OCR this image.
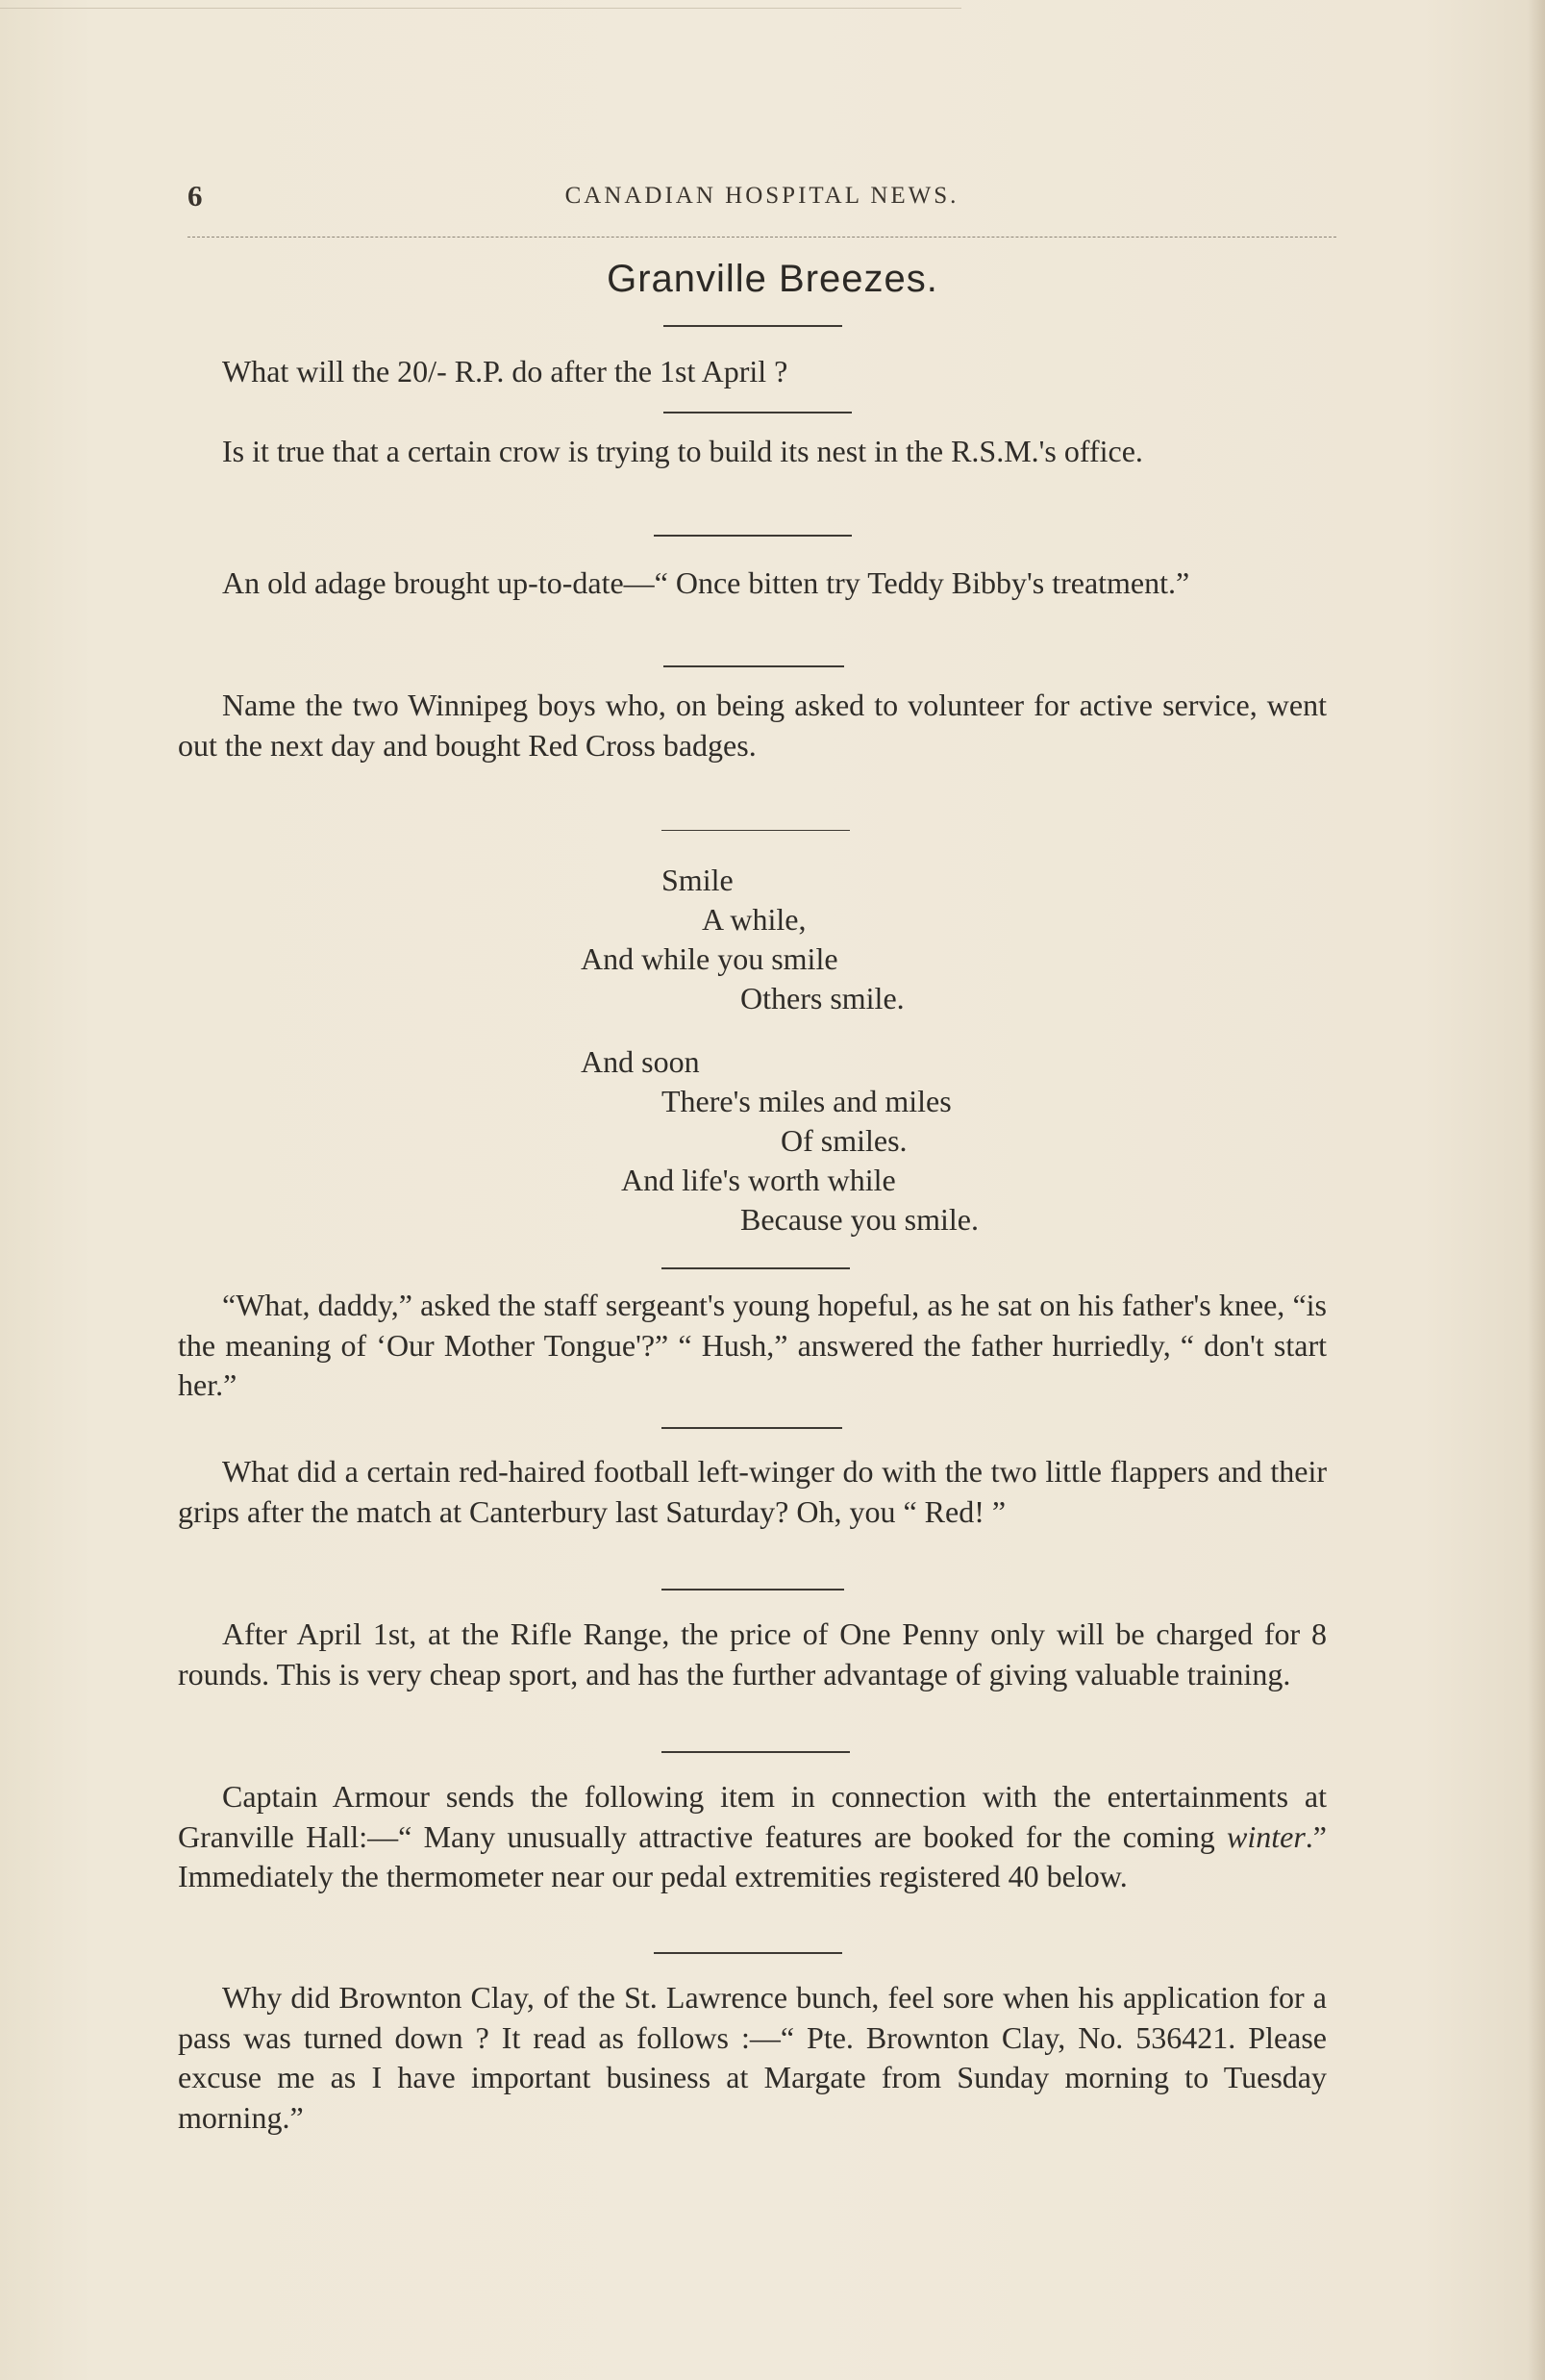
6	CANADIAN HOSPITAL NEWS.
Granville Breezes.
What will the 20/- R.P. do after the 1st April ?
Is it true that a certain crow is trying to build its nest in the R.S.M.'s office.
An old adage brought up-to-date—“ Once bitten try Teddy Bibby's treatment.”
Name the two Winnipeg boys who, on being asked to volunteer for active service, went out the next day and bought Red Cross badges.
Smile
A while,
And while you smile
Others smile.
And soon
There's miles and miles
Of smiles.
And life's worth while
Because you smile.
“What, daddy,” asked the staff sergeant's young hopeful, as he sat on his father's knee, “is the meaning of ‘Our Mother Tongue'?” “ Hush,” answered the father hurriedly, “ don't start her.”
What did a certain red-haired football left-winger do with the two little flappers and their grips after the match at Canterbury last Saturday? Oh, you “ Red! ”
After April 1st, at the Rifle Range, the price of One Penny only will be charged for 8 rounds. This is very cheap sport, and has the further advantage of giving valuable training.
Captain Armour sends the following item in connection with the entertainments at Granville Hall:—“ Many unusually attractive features are booked for the coming winter.” Immediately the thermometer near our pedal extremities registered 40 below.
Why did Brownton Clay, of the St. Lawrence bunch, feel sore when his application for a pass was turned down ? It read as follows :—“ Pte. Brownton Clay, No. 536421. Please excuse me as I have important business at Margate from Sunday morning to Tuesday morning.”
